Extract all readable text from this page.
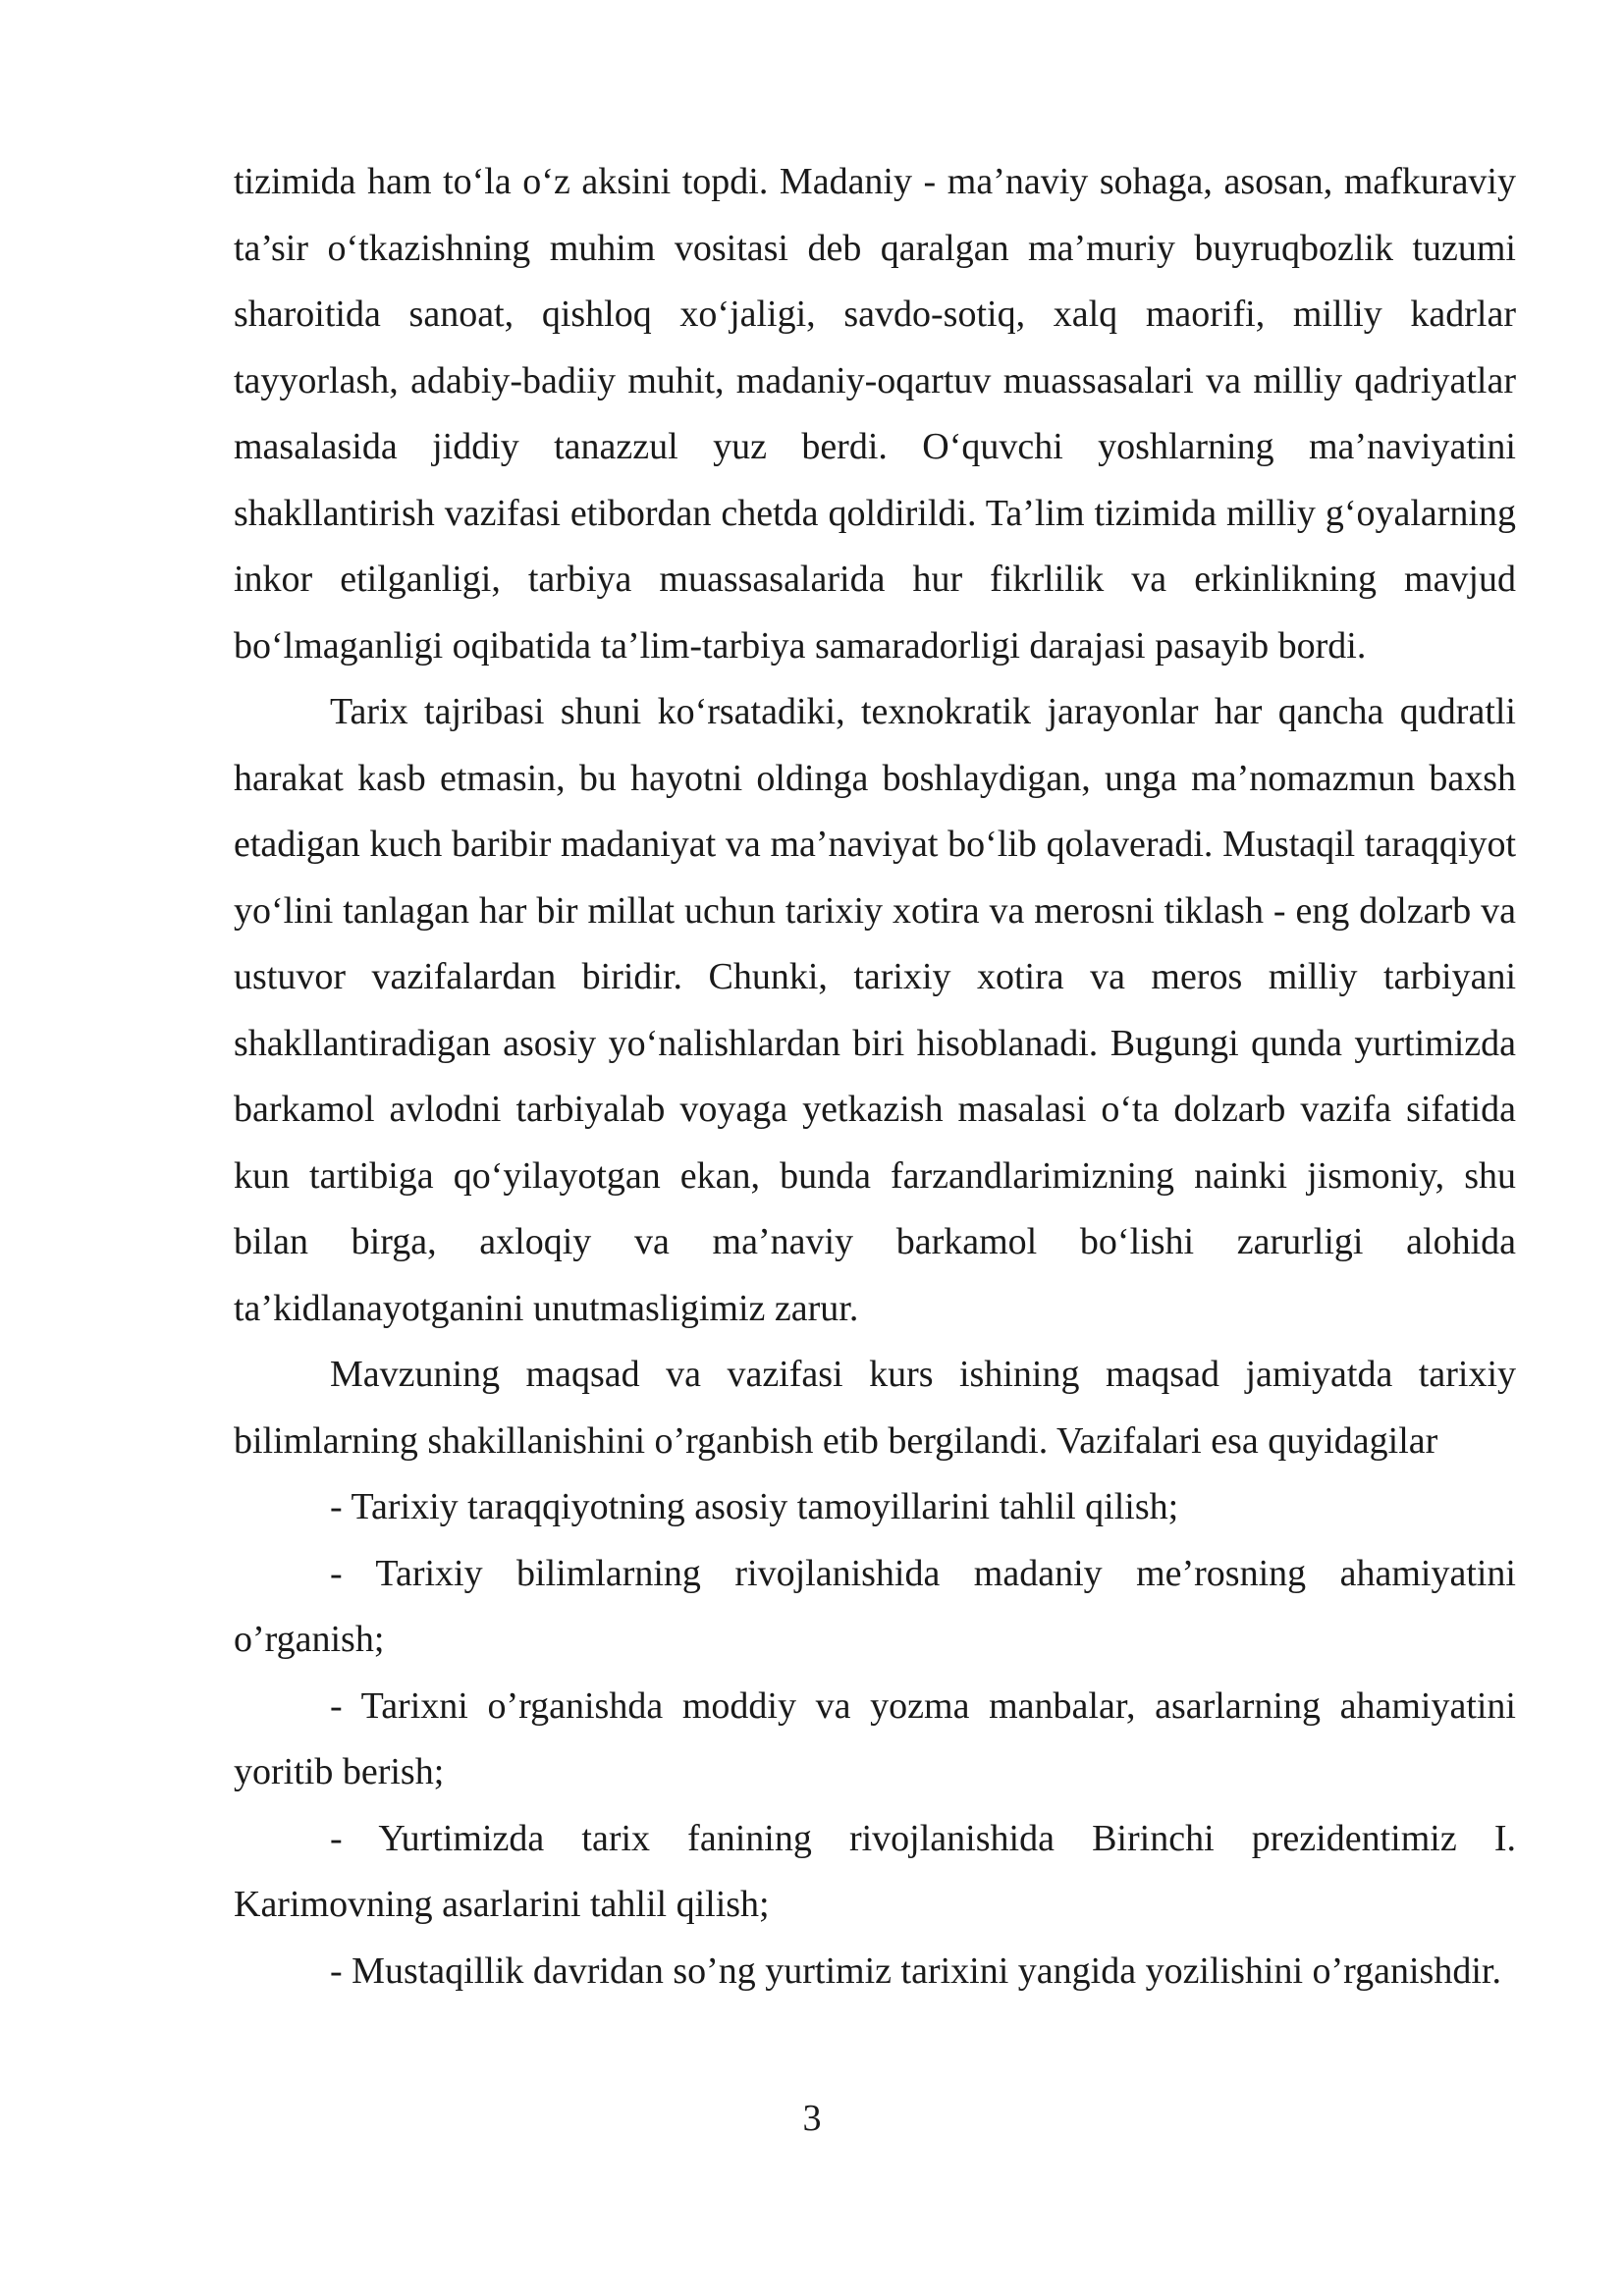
tizimida ham to‘la o‘z aksini topdi. Madaniy - ma’naviy sohaga, asosan, mafkuraviy ta’sir o‘tkazishning muhim vositasi deb qaralgan ma’muriy buyruqbozlik tuzumi sharoitida sanoat, qishloq xo‘jaligi, savdo-sotiq, xalq maorifi, milliy kadrlar tayyorlash, adabiy-badiiy muhit, madaniy-oqartuv muassasalari va milliy qadriyatlar masalasida jiddiy tanazzul yuz berdi. O‘quvchi yoshlarning ma’naviyatini shakllantirish vazifasi etibordan chetda qoldirildi. Ta’lim tizimida milliy g‘oyalarning inkor etilganligi, tarbiya muassasalarida hur fikrlilik va erkinlikning mavjud bo‘lmaganligi oqibatida ta’lim-tarbiya samaradorligi darajasi pasayib bordi.

Tarix tajribasi shuni ko‘rsatadiki, texnokratik jarayonlar har qancha qudratli harakat kasb etmasin, bu hayotni oldinga boshlaydigan, unga ma’nomazmun baxsh etadigan kuch baribir madaniyat va ma’naviyat bo‘lib qolaveradi. Mustaqil taraqqiyot yo‘lini tanlagan har bir millat uchun tarixiy xotira va merosni tiklash - eng dolzarb va ustuvor vazifalardan biridir. Chunki, tarixiy xotira va meros milliy tarbiyani shakllantiradigan asosiy yo‘nalishlardan biri hisoblanadi. Bugungi qunda yurtimizda barkamol avlodni tarbiyalab voyaga yetkazish masalasi o‘ta dolzarb vazifa sifatida kun tartibiga qo‘yilayotgan ekan, bunda farzandlarimizning nainki jismoniy, shu bilan birga, axloqiy va ma’naviy barkamol bo‘lishi zarurligi alohida ta’kidlanayotganini unutmasligimiz zarur.

Mavzuning maqsad va vazifasi kurs ishining maqsad jamiyatda tarixiy bilimlarning shakillanishini o’rganbish etib bergilandi. Vazifalari esa quyidagilar

- Tarixiy taraqqiyotning asosiy tamoyillarini tahlil qilish;

- Tarixiy bilimlarning rivojlanishida madaniy me’rosning ahamiyatini o’rganish;

- Tarixni o’rganishda moddiy va yozma manbalar, asarlarning ahamiyatini yoritib berish;

- Yurtimizda tarix fanining rivojlanishida Birinchi prezidentimiz I. Karimovning asarlarini tahlil qilish;

- Mustaqillik davridan so’ng yurtimiz tarixini yangida yozilishini o’rganishdir.

3
